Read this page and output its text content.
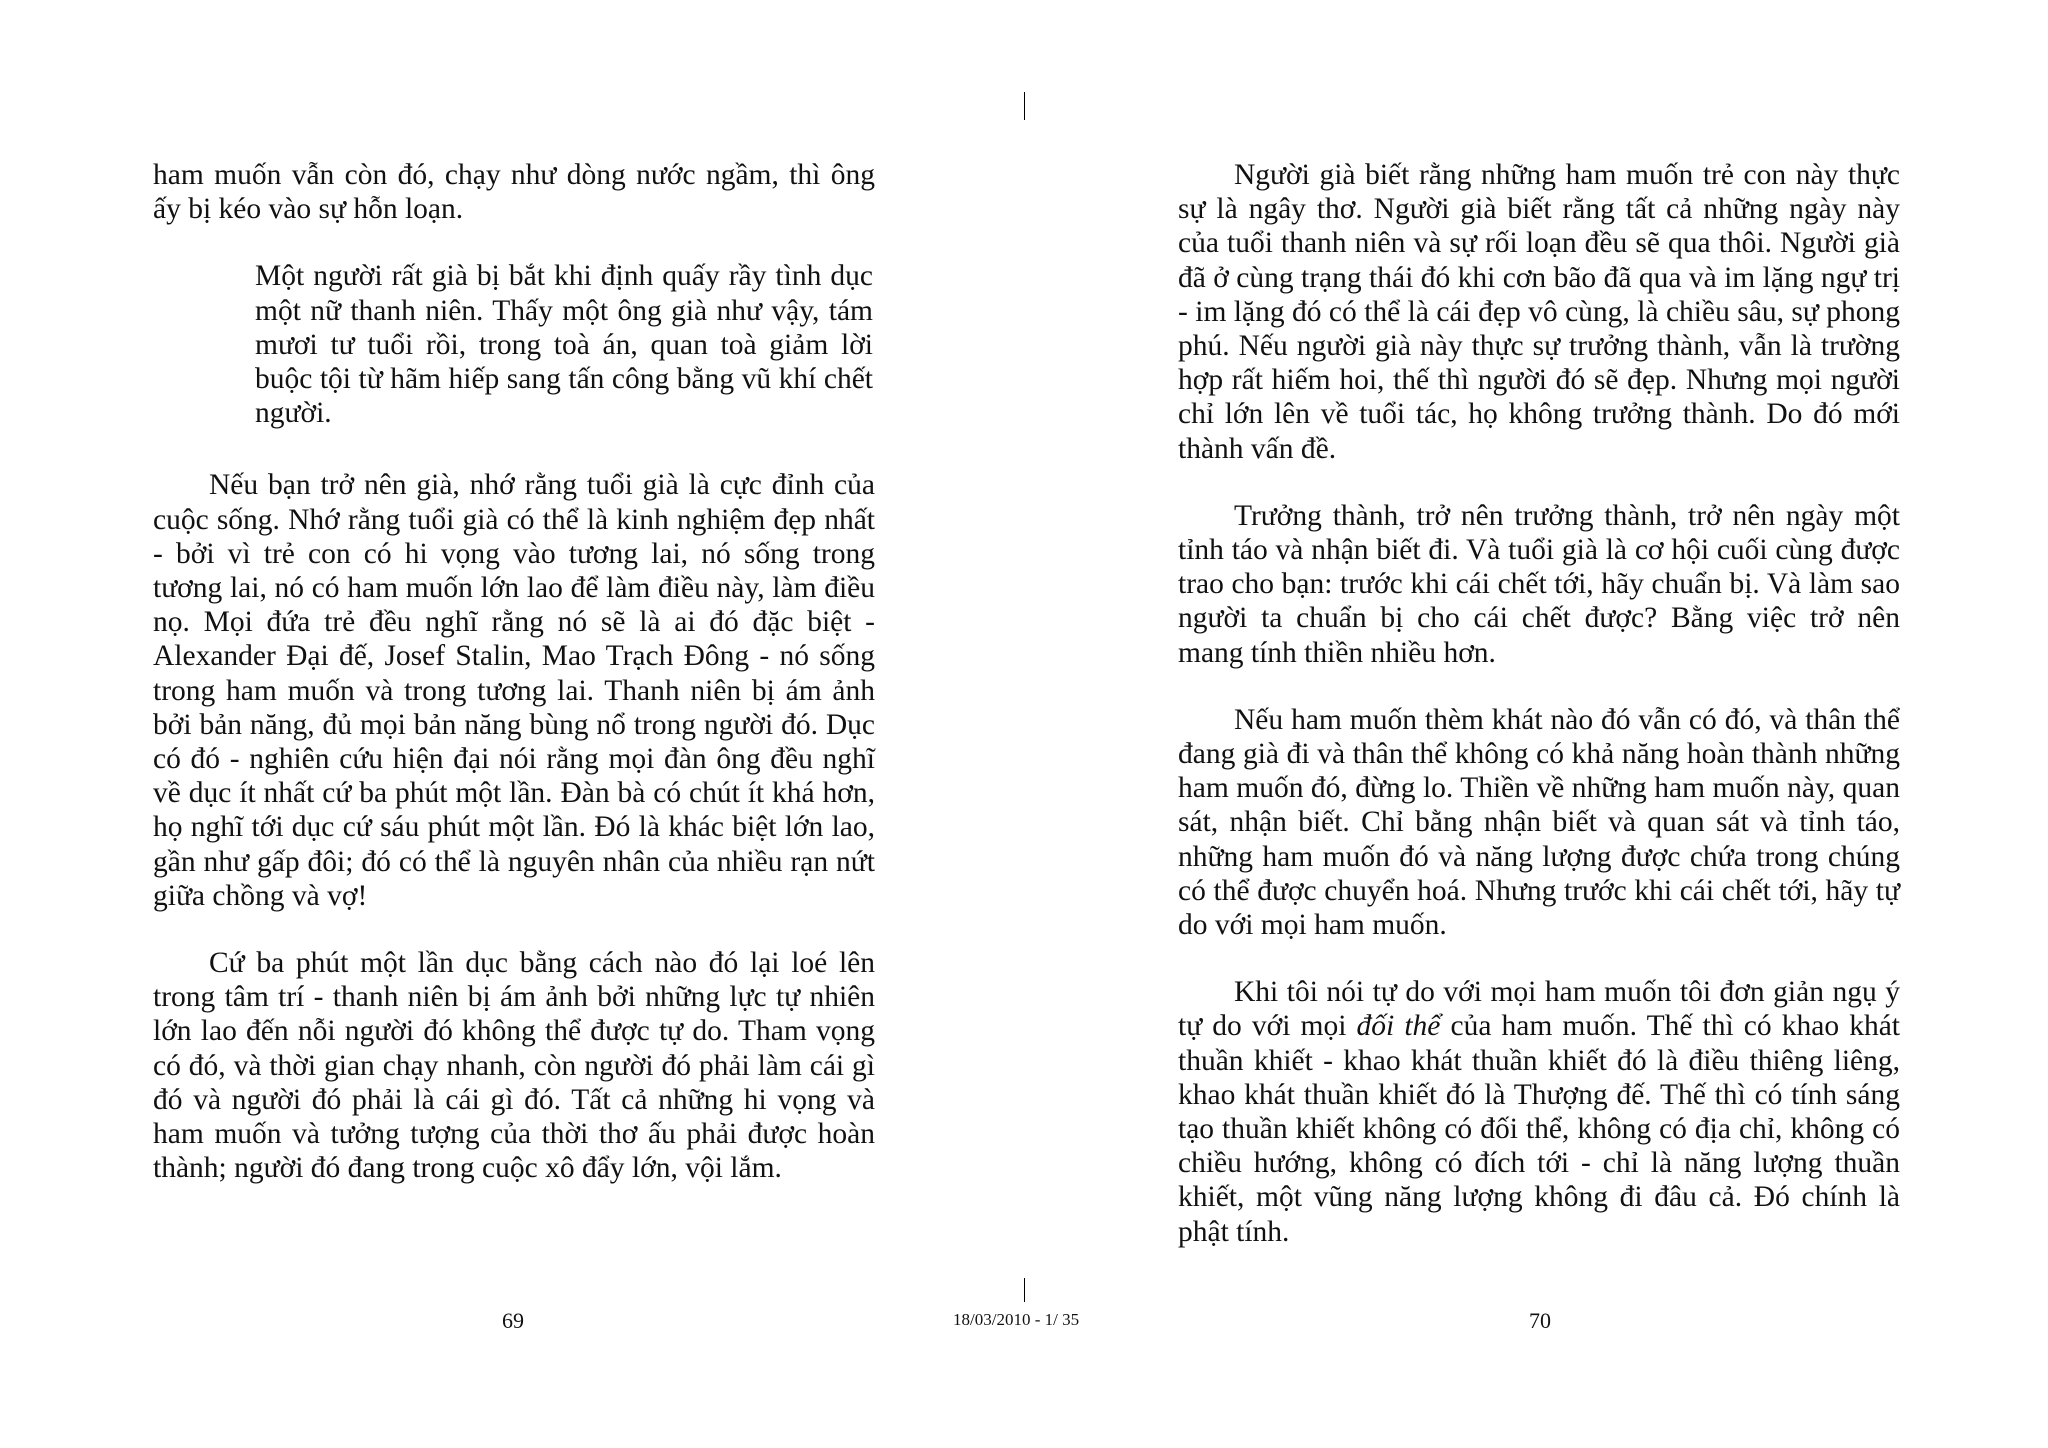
ham muốn vẫn còn đó, chạy như dòng nước ngầm, thì ông ấy bị kéo vào sự hỗn loạn.

Một người rất già bị bắt khi định quấy rầy tình dục một nữ thanh niên. Thấy một ông già như vậy, tám mươi tư tuổi rồi, trong toà án, quan toà giảm lời buộc tội từ hãm hiếp sang tấn công bằng vũ khí chết người.

Nếu bạn trở nên già, nhớ rằng tuổi già là cực đỉnh của cuộc sống. Nhớ rằng tuổi già có thể là kinh nghiệm đẹp nhất - bởi vì trẻ con có hi vọng vào tương lai, nó sống trong tương lai, nó có ham muốn lớn lao để làm điều này, làm điều nọ. Mọi đứa trẻ đều nghĩ rằng nó sẽ là ai đó đặc biệt - Alexander Đại đế, Josef Stalin, Mao Trạch Đông - nó sống trong ham muốn và trong tương lai. Thanh niên bị ám ảnh bởi bản năng, đủ mọi bản năng bùng nổ trong người đó. Dục có đó - nghiên cứu hiện đại nói rằng mọi đàn ông đều nghĩ về dục ít nhất cứ ba phút một lần. Đàn bà có chút ít khá hơn, họ nghĩ tới dục cứ sáu phút một lần. Đó là khác biệt lớn lao, gần như gấp đôi; đó có thể là nguyên nhân của nhiều rạn nứt giữa chồng và vợ!

Cứ ba phút một lần dục bằng cách nào đó lại loé lên trong tâm trí - thanh niên bị ám ảnh bởi những lực tự nhiên lớn lao đến nỗi người đó không thể được tự do. Tham vọng có đó, và thời gian chạy nhanh, còn người đó phải làm cái gì đó và người đó phải là cái gì đó. Tất cả những hi vọng và ham muốn và tưởng tượng của thời thơ ấu phải được hoàn thành; người đó đang trong cuộc xô đẩy lớn, vội lắm.

69

Người già biết rằng những ham muốn trẻ con này thực sự là ngây thơ. Người già biết rằng tất cả những ngày này của tuổi thanh niên và sự rối loạn đều sẽ qua thôi. Người già đã ở cùng trạng thái đó khi cơn bão đã qua và im lặng ngự trị - im lặng đó có thể là cái đẹp vô cùng, là chiều sâu, sự phong phú. Nếu người già này thực sự trưởng thành, vẫn là trường hợp rất hiếm hoi, thế thì người đó sẽ đẹp. Nhưng mọi người chỉ lớn lên về tuổi tác, họ không trưởng thành. Do đó mới thành vấn đề.

Trưởng thành, trở nên trưởng thành, trở nên ngày một tỉnh táo và nhận biết đi. Và tuổi già là cơ hội cuối cùng được trao cho bạn: trước khi cái chết tới, hãy chuẩn bị. Và làm sao người ta chuẩn bị cho cái chết được? Bằng việc trở nên mang tính thiền nhiều hơn.

Nếu ham muốn thèm khát nào đó vẫn có đó, và thân thể đang già đi và thân thể không có khả năng hoàn thành những ham muốn đó, đừng lo. Thiền về những ham muốn này, quan sát, nhận biết. Chỉ bằng nhận biết và quan sát và tỉnh táo, những ham muốn đó và năng lượng được chứa trong chúng có thể được chuyển hoá. Nhưng trước khi cái chết tới, hãy tự do với mọi ham muốn.

Khi tôi nói tự do với mọi ham muốn tôi đơn giản ngụ ý tự do với mọi đối thể của ham muốn. Thế thì có khao khát thuần khiết - khao khát thuần khiết đó là điều thiêng liêng, khao khát thuần khiết đó là Thượng đế. Thế thì có tính sáng tạo thuần khiết không có đối thể, không có địa chỉ, không có chiều hướng, không có đích tới - chỉ là năng lượng thuần khiết, một vũng năng lượng không đi đâu cả. Đó chính là phật tính.

70
18/03/2010 - 1/ 35
